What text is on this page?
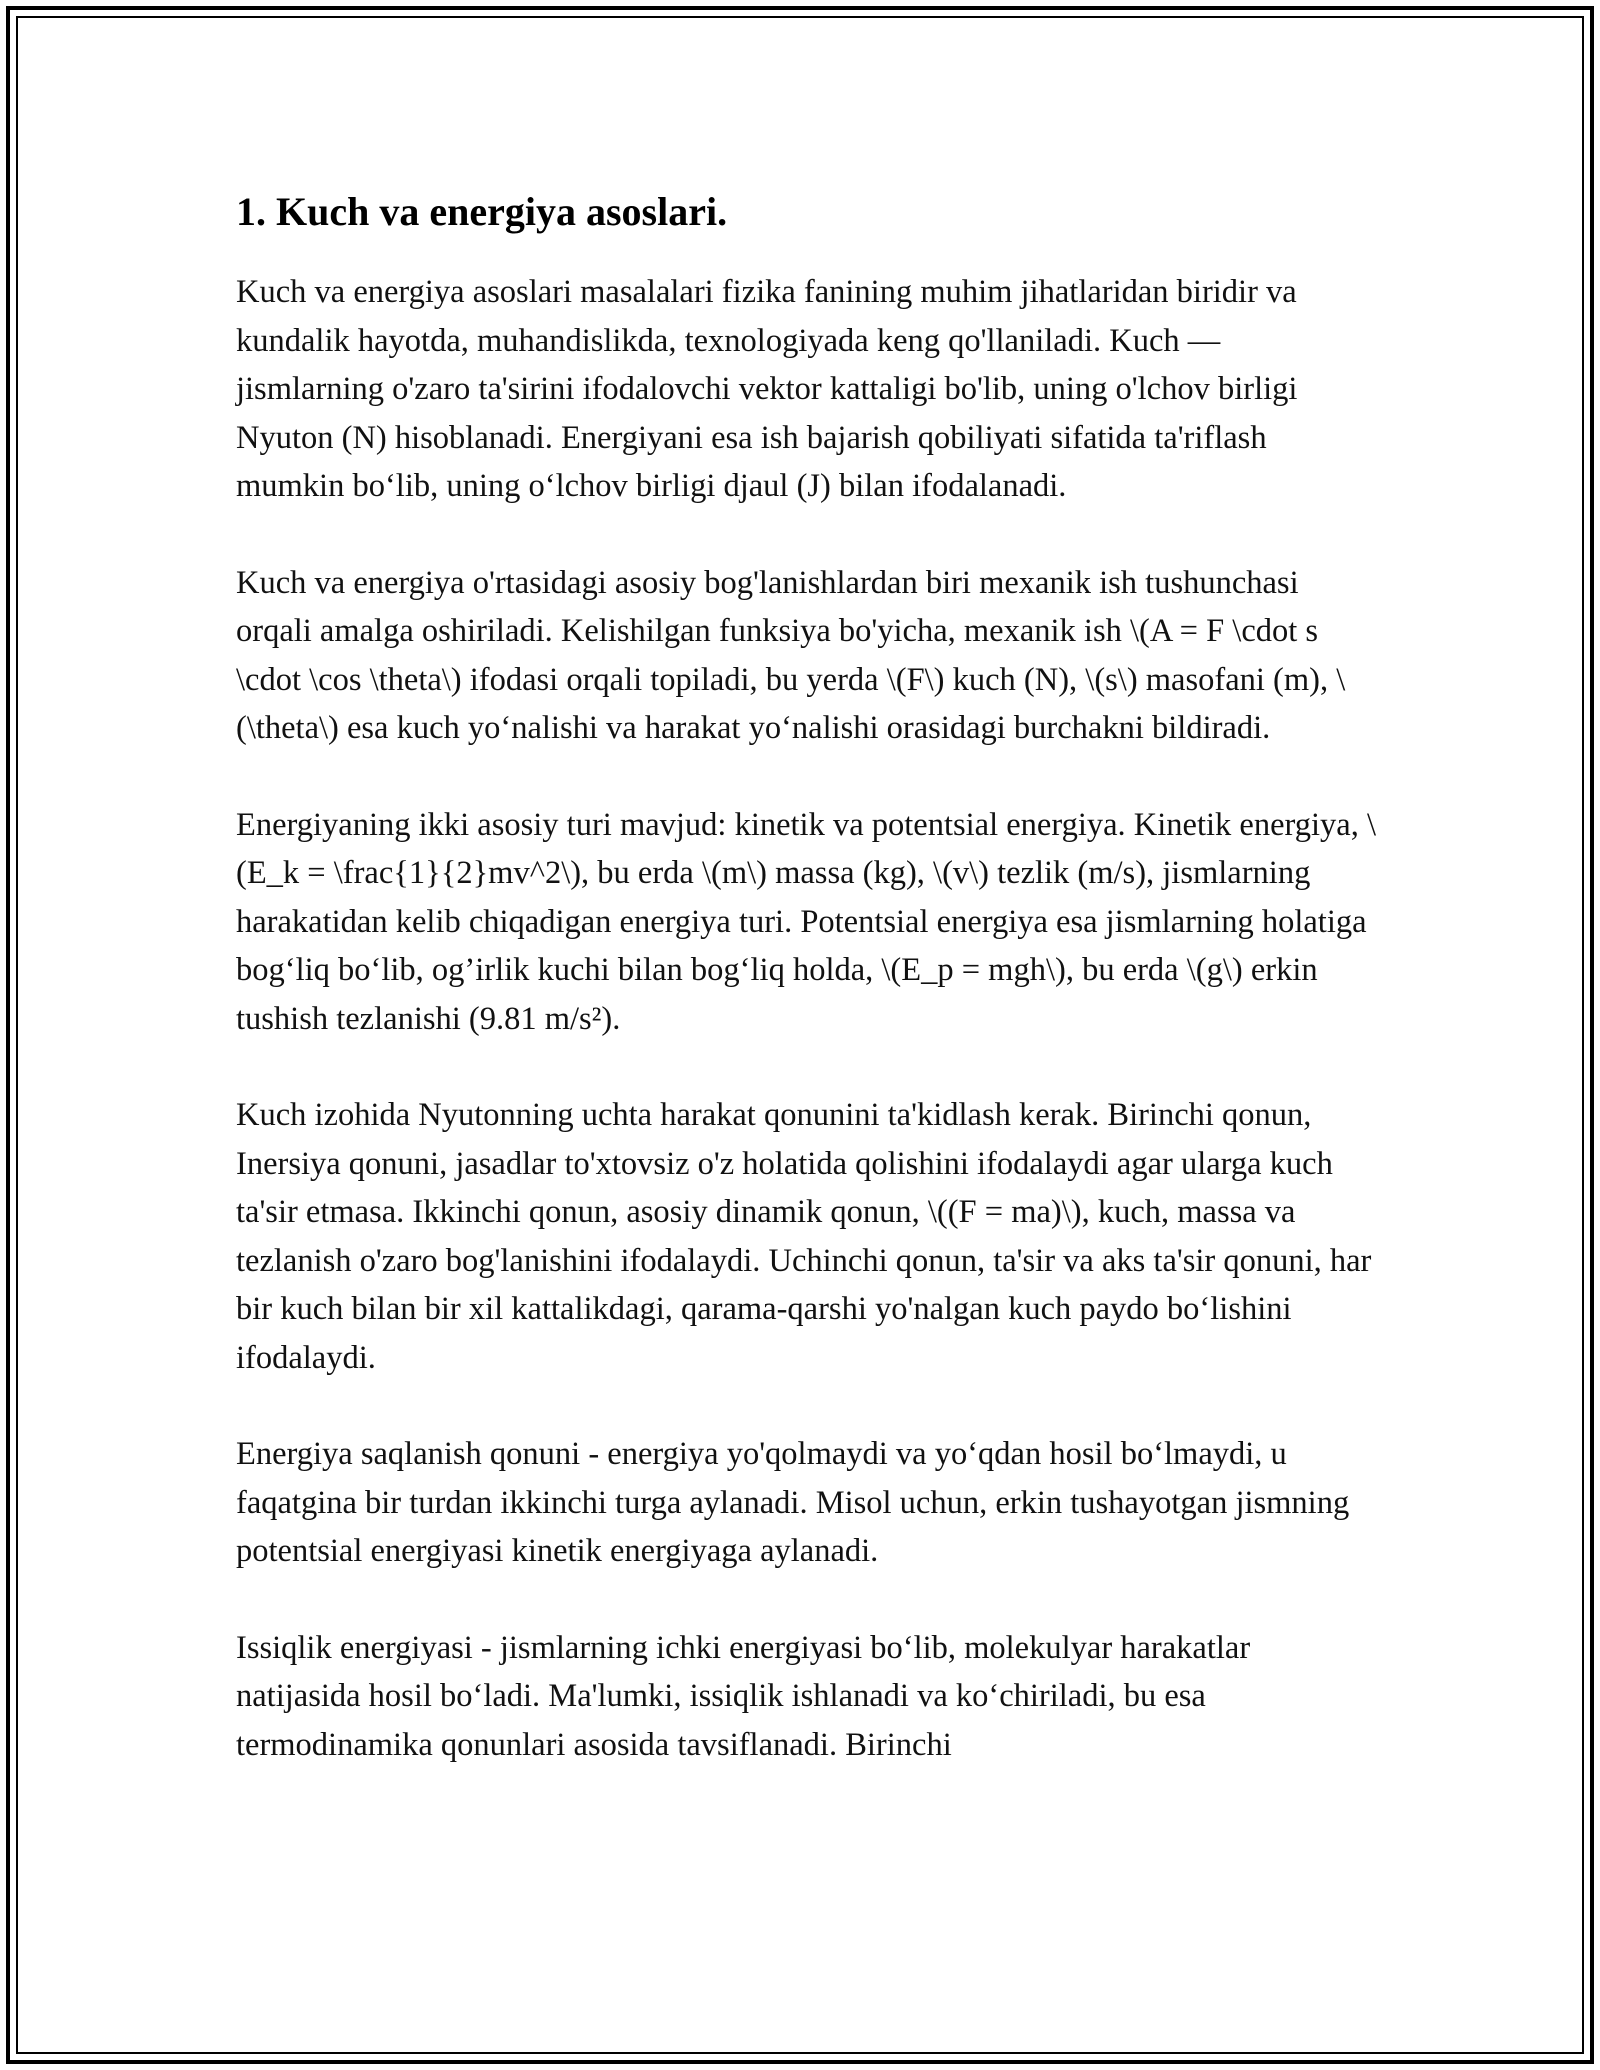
1. Kuch va energiya asoslari.

Kuch va energiya asoslari masalalari fizika fanining muhim jihatlaridan biridir va kundalik hayotda, muhandislikda, texnologiyada keng qo'llaniladi. Kuch — jismlarning o'zaro ta'sirini ifodalovchi vektor kattaligi bo'lib, uning o'lchov birligi Nyuton (N) hisoblanadi. Energiyani esa ish bajarish qobiliyati sifatida ta'riflash mumkin bo‘lib, uning o‘lchov birligi djaul (J) bilan ifodalanadi.

Kuch va energiya o'rtasidagi asosiy bog'lanishlardan biri mexanik ish tushunchasi orqali amalga oshiriladi. Kelishilgan funksiya bo'yicha, mexanik ish \(A = F \cdot s \cdot \cos \theta\) ifodasi orqali topiladi, bu yerda \(F\) kuch (N), \(s\) masofani (m), \(\theta\) esa kuch yo‘nalishi va harakat yo‘nalishi orasidagi burchakni bildiradi.

Energiyaning ikki asosiy turi mavjud: kinetik va potentsial energiya. Kinetik energiya, \(E_k = \frac{1}{2}mv^2\), bu erda \(m\) massa (kg), \(v\) tezlik (m/s), jismlarning harakatidan kelib chiqadigan energiya turi. Potentsial energiya esa jismlarning holatiga bog‘liq bo‘lib, og’irlik kuchi bilan bog‘liq holda, \(E_p = mgh\), bu erda \(g\) erkin tushish tezlanishi (9.81 m/s²).

Kuch izohida Nyutonning uchta harakat qonunini ta'kidlash kerak. Birinchi qonun, Inersiya qonuni, jasadlar to'xtovsiz o'z holatida qolishini ifodalaydi agar ularga kuch ta'sir etmasa. Ikkinchi qonun, asosiy dinamik qonun, \((F = ma)\), kuch, massa va tezlanish o'zaro bog'lanishini ifodalaydi. Uchinchi qonun, ta'sir va aks ta'sir qonuni, har bir kuch bilan bir xil kattalikdagi, qarama-qarshi yo'nalgan kuch paydo bo‘lishini ifodalaydi.

Energiya saqlanish qonuni - energiya yo'qolmaydi va yo‘qdan hosil bo‘lmaydi, u faqatgina bir turdan ikkinchi turga aylanadi. Misol uchun, erkin tushayotgan jismning potentsial energiyasi kinetik energiyaga aylanadi.

Issiqlik energiyasi - jismlarning ichki energiyasi bo‘lib, molekulyar harakatlar natijasida hosil bo‘ladi. Ma'lumki, issiqlik ishlanadi va ko‘chiriladi, bu esa termodinamika qonunlari asosida tavsiflanadi. Birinchi
